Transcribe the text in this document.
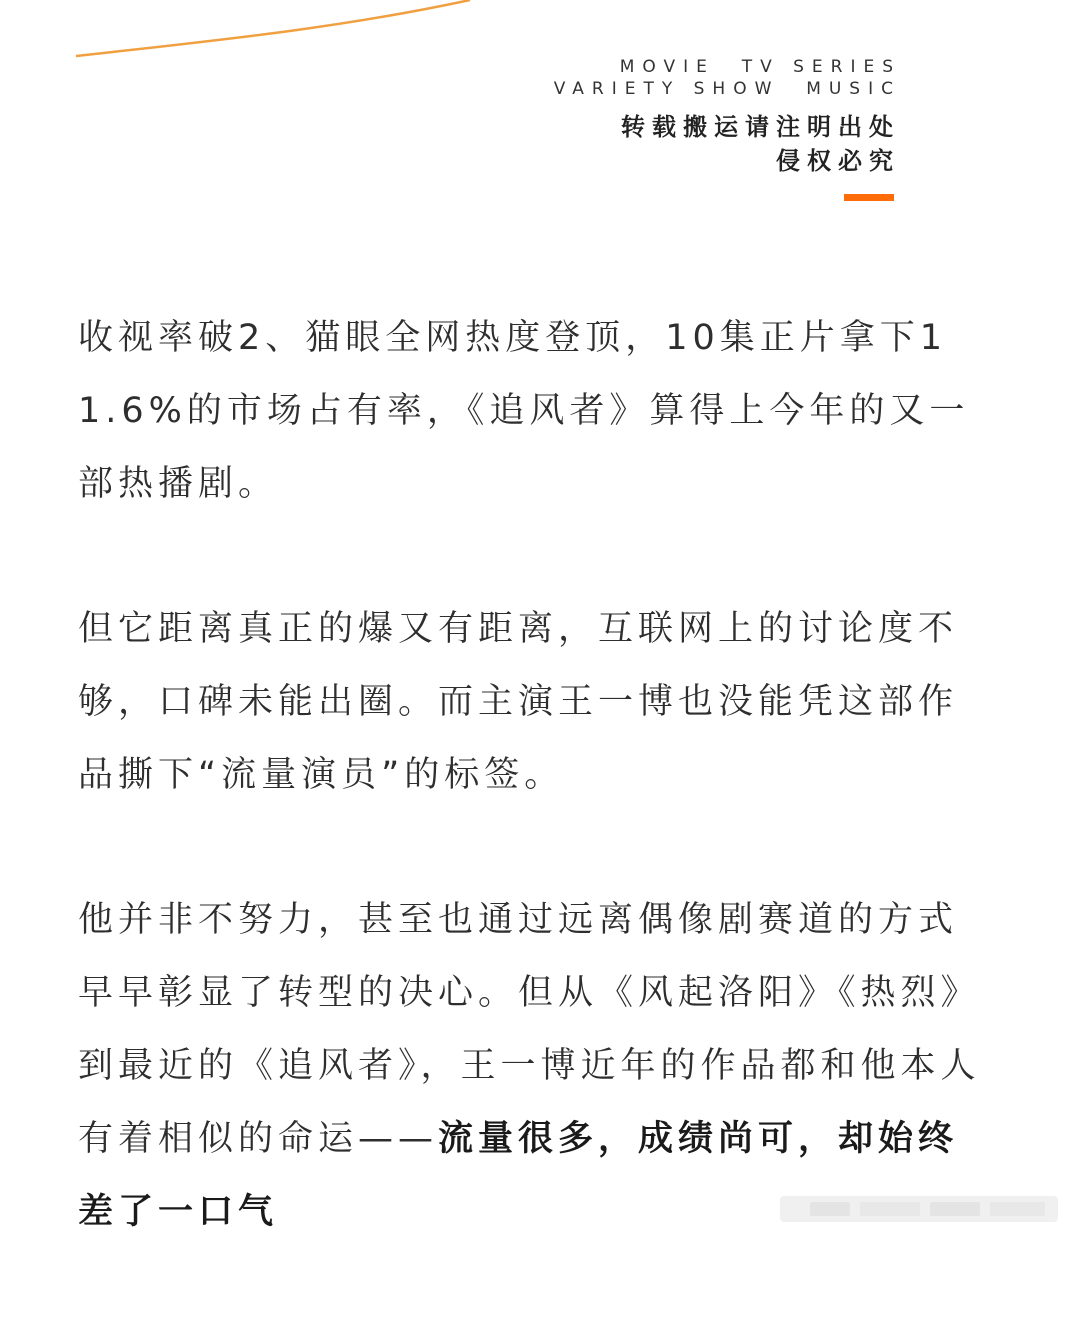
MOVIE  TV SERIES
VARIETY SHOW  MUSIC
转载搬运请注明出处
侵权必究

收视率破2、猫眼全网热度登顶，10集正片拿下11.6%的市场占有率，《追风者》算得上今年的又一部热播剧。

但它距离真正的爆又有距离，互联网上的讨论度不够，口碑未能出圈。而主演王一博也没能凭这部作品撕下“流量演员”的标签。

他并非不努力，甚至也通过远离偶像剧赛道的方式早早彰显了转型的决心。但从《风起洛阳》《热烈》到最近的《追风者》，王一博近年的作品都和他本人有着相似的命运——流量很多，成绩尚可，却始终差了一口气
